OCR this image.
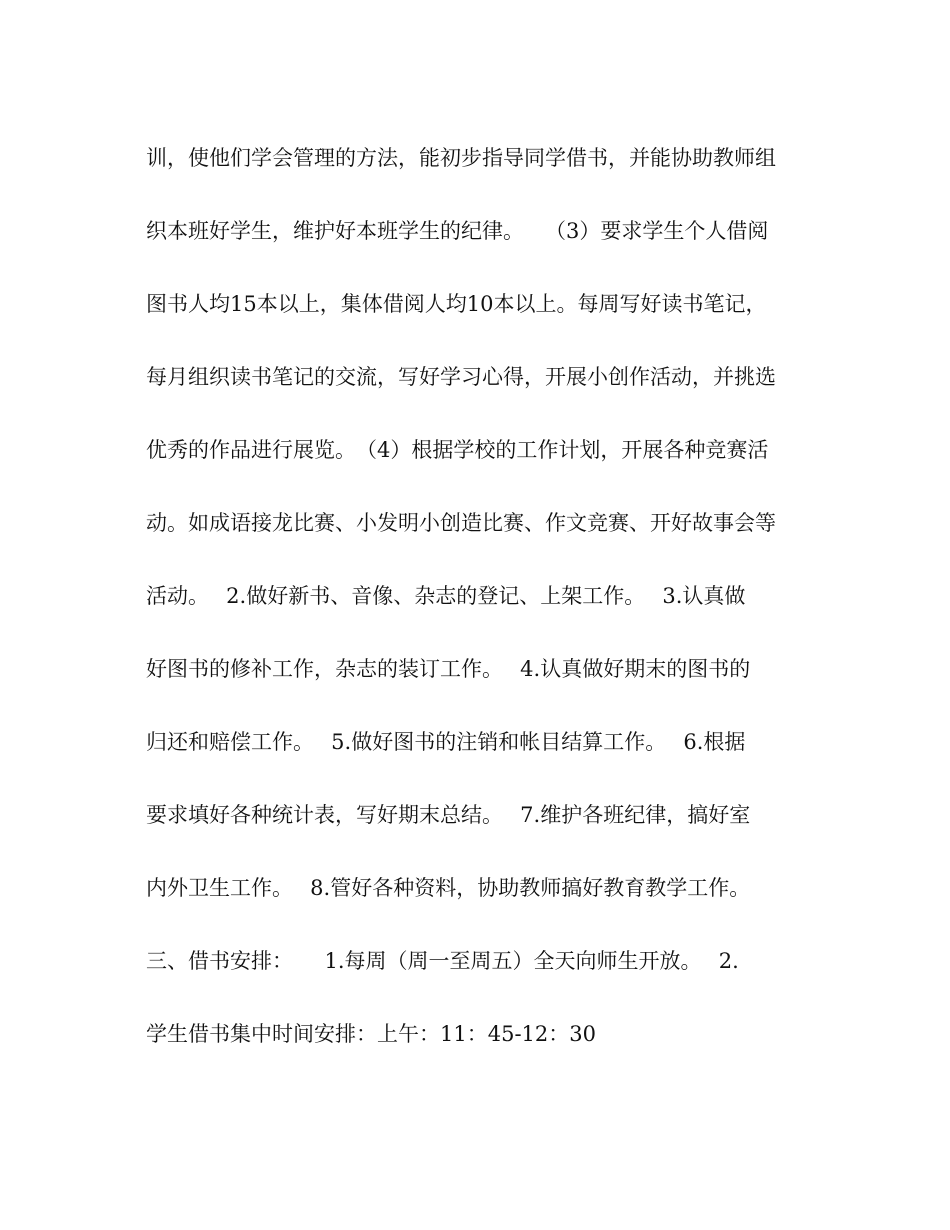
训，使他们学会管理的方法，能初步指导同学借书，并能协助教师组
织本班好学生，维护好本班学生的纪律。　　（3）要求学生个人借阅
图书人均15本以上，集体借阅人均10本以上。每周写好读书笔记，
每月组织读书笔记的交流，写好学习心得，开展小创作活动，并挑选
优秀的作品进行展览。　（4）根据学校的工作计划，开展各种竞赛活
动。如成语接龙比赛、小发明小创造比赛、作文竞赛、开好故事会等
活动。　 2.做好新书、音像、杂志的登记、上架工作。　 3.认真做
好图书的修补工作，杂志的装订工作。　 4.认真做好期末的图书的
归还和赔偿工作。　 5.做好图书的注销和帐目结算工作。　 6.根据
要求填好各种统计表，写好期末总结。　 7.维护各班纪律，搞好室
内外卫生工作。　 8.管好各种资料，协助教师搞好教育教学工作。
三、借书安排：　　1.每周（周一至周五）全天向师生开放。　 2.
学生借书集中时间安排：上午：11：45-12：30
